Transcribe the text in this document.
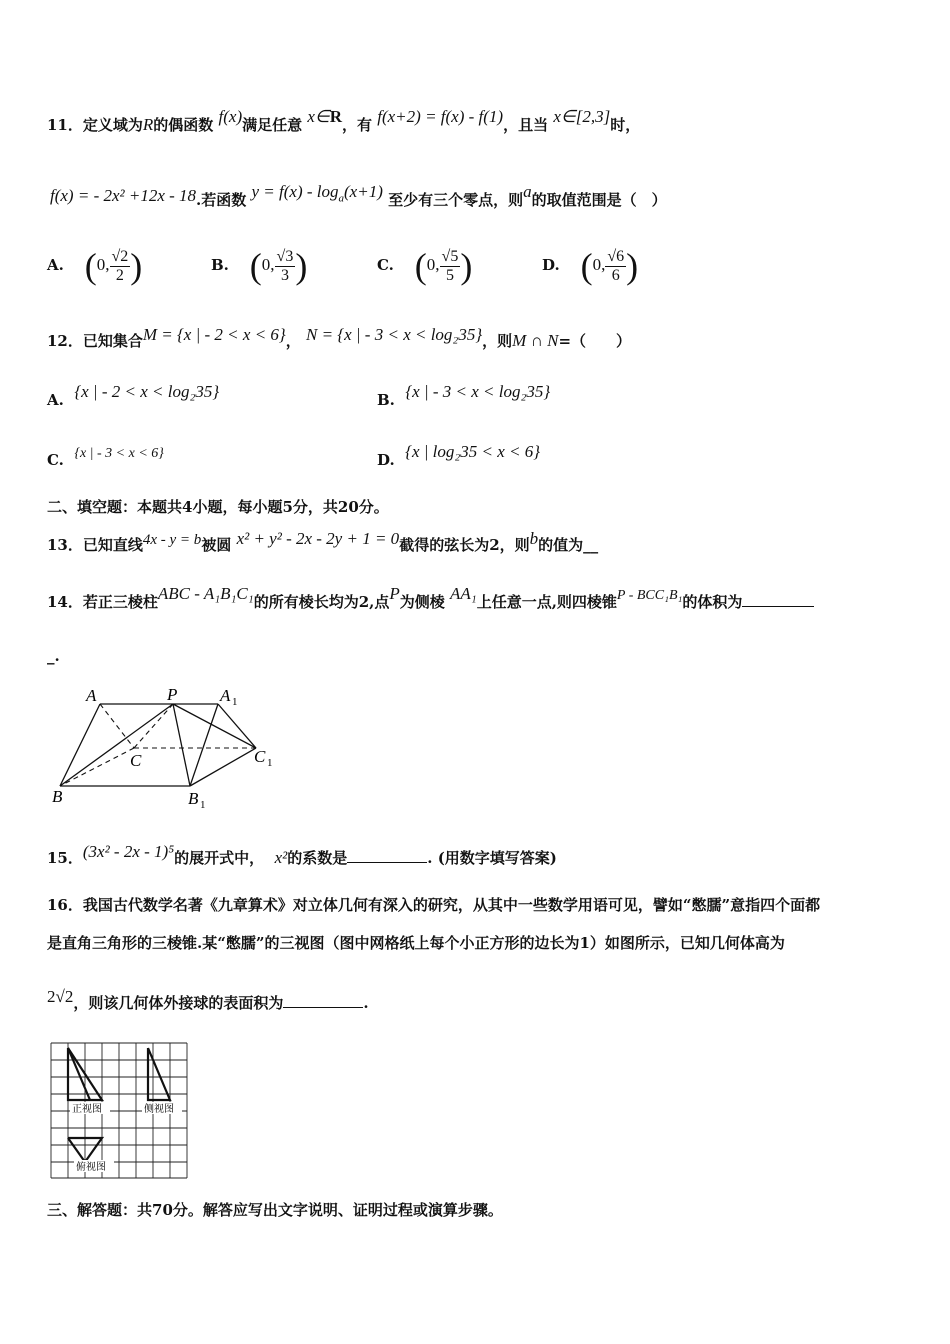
11．定义域为R的偶函数 f(x)满足任意 x∈R，有 f(x+2) = f(x) - f(1)，且当 x∈[2,3]时，
f(x) = - 2x² +12x - 18.若函数 $y = f(x) - \log_a(x+1)$ 至少有三个零点，则a的取值范围是（　）
A. (0, $\frac{√2}{2}$ )	B. (0, $\frac{√3}{3}$ )	C. (0, $\frac{√5}{5}$ )	D. (0, $\frac{√6}{6}$ )
12．已知集合M = {x | - 2 < x < 6}， N = {x | - 3 < x < log₂35}，则M ∩ N=（　　）
A. {x | - 2 < x < log₂35}	B. {x | - 3 < x < log₂35}
C. {x | - 3 < x < 6}	D. {x | log₂35 < x < 6}
二、填空题：本题共4小题，每小题5分，共20分。
13．已知直线4x - y = b被圆 x² + y² - 2x - 2y + 1 = 0截得的弦长为2，则b的值为__
14．若正三棱柱ABC - A₁B₁C₁的所有棱长均为2,点P为侧棱 AA₁上任意一点,则四棱锥P - BCC₁B₁的体积为
_.
A	P	A 1
C	C 1
B	B 1
15．(3x² - 2x - 1)⁵的展开式中， x²的系数是	. (用数字填写答案)
16．我国古代数学名著《九章算术》对立体几何有深入的研究，从其中一些数学用语可见，譬如“憋臑”意指四个面都
是直角三角形的三棱锥.某“憋臑”的三视图（图中网格纸上每个小正方形的边长为1）如图所示，已知几何体高为
2√2，则该几何体外接球的表面积为	.
正视图	侧视图
俯视图
三、解答题：共70分。解答应写出文字说明、证明过程或演算步骤。
